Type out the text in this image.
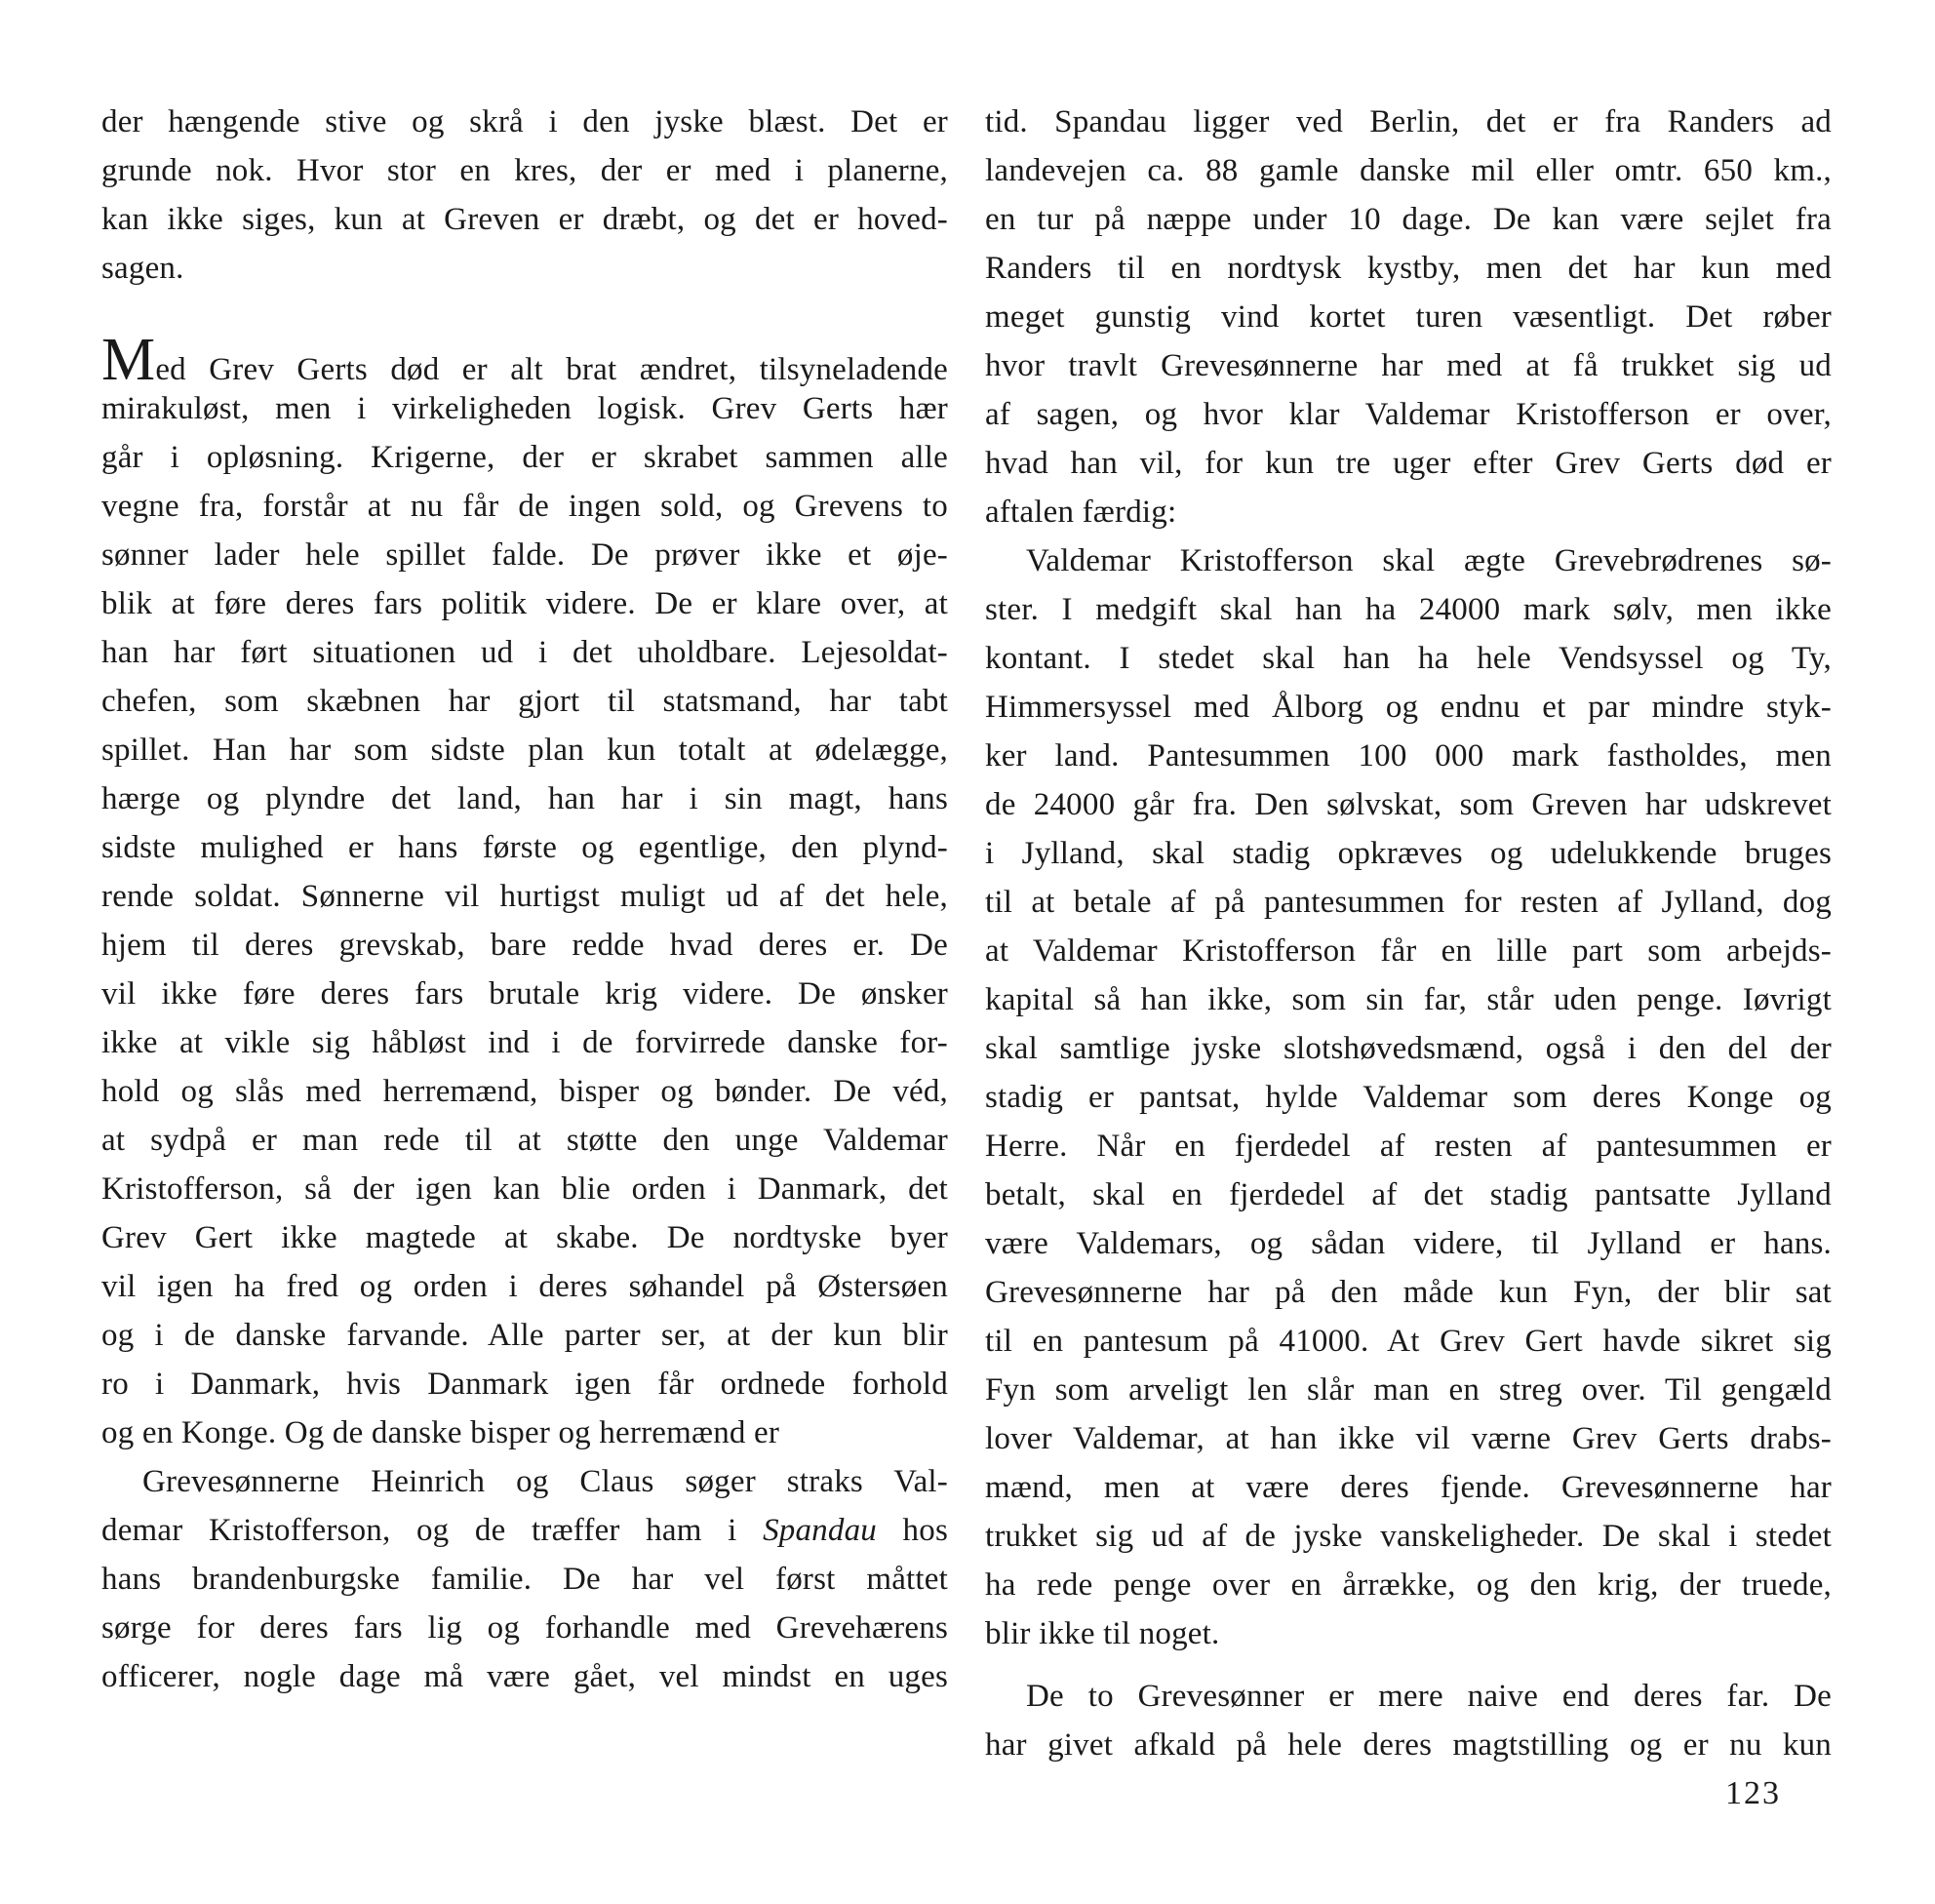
der hængende stive og skrå i den jyske blæst. Det er
grunde nok. Hvor stor en kres, der er med i planerne,
kan ikke siges, kun at Greven er dræbt, og det er hoved-
sagen.
Med Grev Gerts død er alt brat ændret, tilsyneladende
mirakuløst, men i virkeligheden logisk. Grev Gerts hær
går i opløsning. Krigerne, der er skrabet sammen alle
vegne fra, forstår at nu får de ingen sold, og Grevens to
sønner lader hele spillet falde. De prøver ikke et øje-
blik at føre deres fars politik videre. De er klare over, at
han har ført situationen ud i det uholdbare. Lejesoldat-
chefen, som skæbnen har gjort til statsmand, har tabt
spillet. Han har som sidste plan kun totalt at ødelægge,
hærge og plyndre det land, han har i sin magt, hans
sidste mulighed er hans første og egentlige, den plynd-
rende soldat. Sønnerne vil hurtigst muligt ud af det hele,
hjem til deres grevskab, bare redde hvad deres er. De
vil ikke føre deres fars brutale krig videre. De ønsker
ikke at vikle sig håbløst ind i de forvirrede danske for-
hold og slås med herremænd, bisper og bønder. De véd,
at sydpå er man rede til at støtte den unge Valdemar
Kristofferson, så der igen kan blie orden i Danmark, det
Grev Gert ikke magtede at skabe. De nordtyske byer
vil igen ha fred og orden i deres søhandel på Østersøen
og i de danske farvande. Alle parter ser, at der kun blir
ro i Danmark, hvis Danmark igen får ordnede forhold
og en Konge. Og de danske bisper og herremænd er
Grevesønnerne Heinrich og Claus søger straks Val-
demar Kristofferson, og de træffer ham i Spandau hos
hans brandenburgske familie. De har vel først måttet
sørge for deres fars lig og forhandle med Grevehærens
officerer, nogle dage må være gået, vel mindst en uges
tid. Spandau ligger ved Berlin, det er fra Randers ad
landevejen ca. 88 gamle danske mil eller omtr. 650 km.,
en tur på næppe under 10 dage. De kan være sejlet fra
Randers til en nordtysk kystby, men det har kun med
meget gunstig vind kortet turen væsentligt. Det røber
hvor travlt Grevesønnerne har med at få trukket sig ud
af sagen, og hvor klar Valdemar Kristofferson er over,
hvad han vil, for kun tre uger efter Grev Gerts død er
aftalen færdig:
Valdemar Kristofferson skal ægte Grevebrødrenes sø-
ster. I medgift skal han ha 24000 mark sølv, men ikke
kontant. I stedet skal han ha hele Vendsyssel og Ty,
Himmersyssel med Ålborg og endnu et par mindre styk-
ker land. Pantesummen 100 000 mark fastholdes, men
de 24000 går fra. Den sølvskat, som Greven har udskrevet
i Jylland, skal stadig opkræves og udelukkende bruges
til at betale af på pantesummen for resten af Jylland, dog
at Valdemar Kristofferson får en lille part som arbejds-
kapital så han ikke, som sin far, står uden penge. Iøvrigt
skal samtlige jyske slotshøvedsmænd, også i den del der
stadig er pantsat, hylde Valdemar som deres Konge og
Herre. Når en fjerdedel af resten af pantesummen er
betalt, skal en fjerdedel af det stadig pantsatte Jylland
være Valdemars, og sådan videre, til Jylland er hans.
Grevesønnerne har på den måde kun Fyn, der blir sat
til en pantesum på 41000. At Grev Gert havde sikret sig
Fyn som arveligt len slår man en streg over. Til gengæld
lover Valdemar, at han ikke vil værne Grev Gerts drabs-
mænd, men at være deres fjende. Grevesønnerne har
trukket sig ud af de jyske vanskeligheder. De skal i stedet
ha rede penge over en årrække, og den krig, der truede,
blir ikke til noget.
De to Grevesønner er mere naive end deres far. De
har givet afkald på hele deres magtstilling og er nu kun
123
